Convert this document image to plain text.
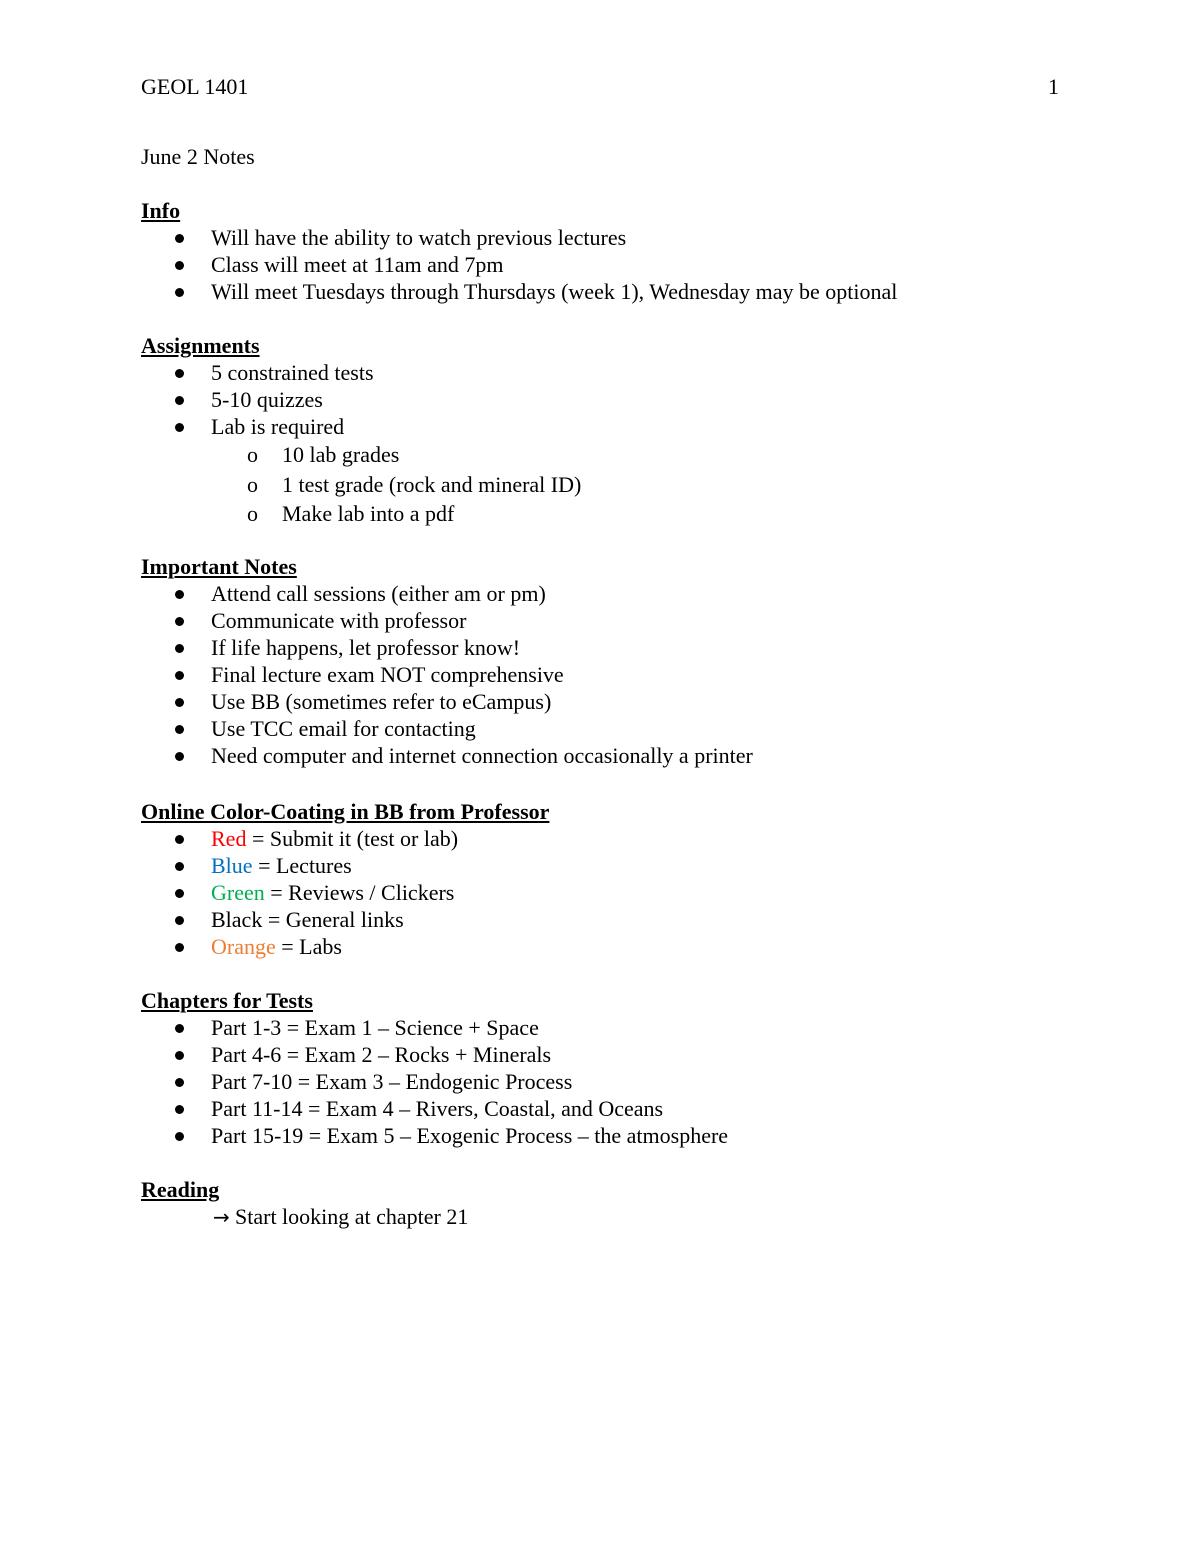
GEOL 1401	1
June 2 Notes
Info
Will have the ability to watch previous lectures
Class will meet at 11am and 7pm
Will meet Tuesdays through Thursdays (week 1), Wednesday may be optional
Assignments
5 constrained tests
5-10 quizzes
Lab is required
o 10 lab grades
o 1 test grade (rock and mineral ID)
o Make lab into a pdf
Important Notes
Attend call sessions (either am or pm)
Communicate with professor
If life happens, let professor know!
Final lecture exam NOT comprehensive
Use BB (sometimes refer to eCampus)
Use TCC email for contacting
Need computer and internet connection occasionally a printer
Online Color-Coating in BB from Professor
Red = Submit it (test or lab)
Blue = Lectures
Green = Reviews / Clickers
Black = General links
Orange = Labs
Chapters for Tests
Part 1-3 = Exam 1 – Science + Space
Part 4-6 = Exam 2 – Rocks + Minerals
Part 7-10 = Exam 3 – Endogenic Process
Part 11-14 = Exam 4 – Rivers, Coastal, and Oceans
Part 15-19 = Exam 5 – Exogenic Process – the atmosphere
Reading
→ Start looking at chapter 21
